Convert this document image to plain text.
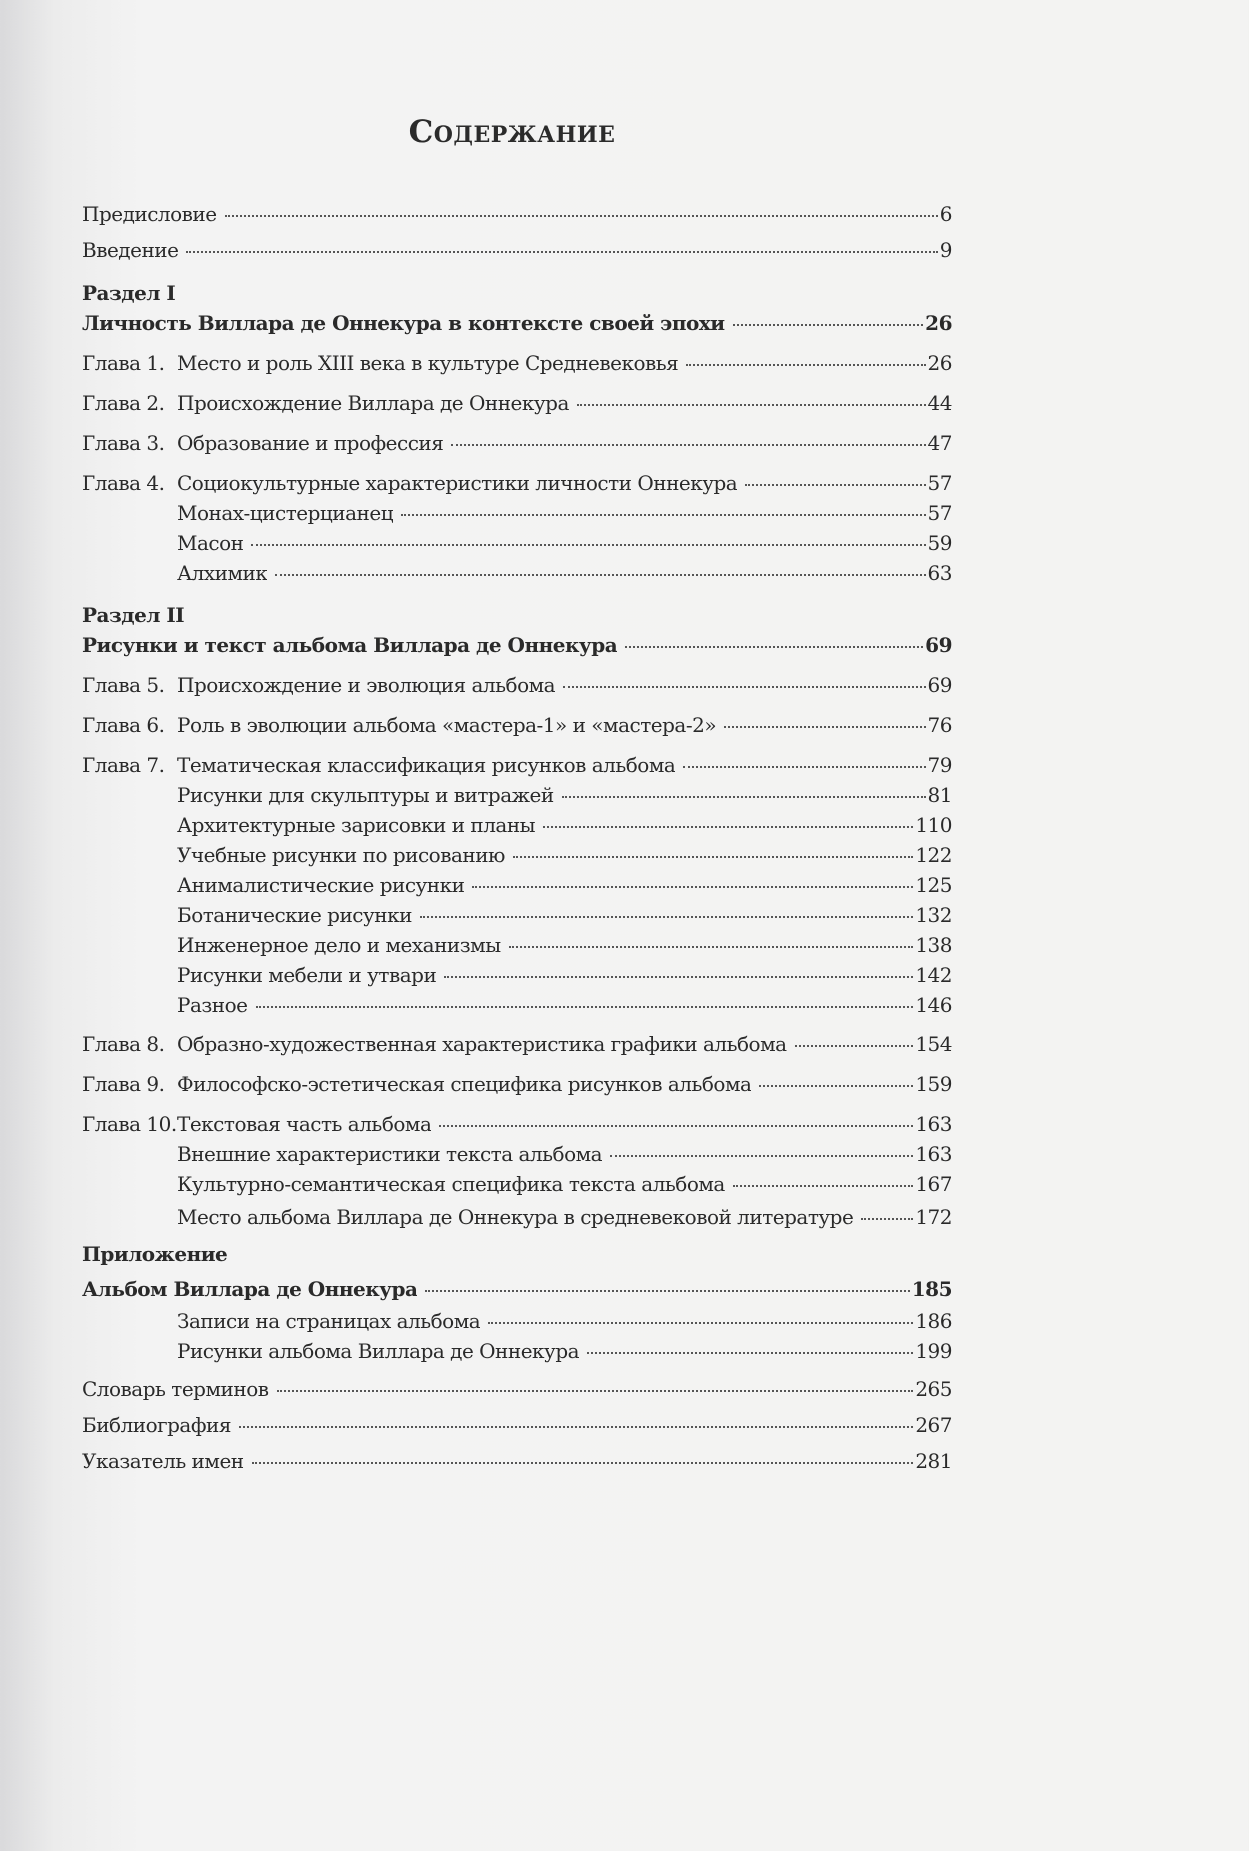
Содержание
Предисловие	6
Введение	9
Раздел I
Личность Виллара де Оннекура в контексте своей эпохи	26
Глава 1. Место и роль XIII века в культуре Средневековья	26
Глава 2. Происхождение Виллара де Оннекура	44
Глава 3. Образование и профессия	47
Глава 4. Социокультурные характеристики личности Оннекура	57
Монах-цистерцианец	57
Масон	59
Алхимик	63
Раздел II
Рисунки и текст альбома Виллара де Оннекура	69
Глава 5. Происхождение и эволюция альбома	69
Глава 6. Роль в эволюции альбома «мастера-1» и «мастера-2»	76
Глава 7. Тематическая классификация рисунков альбома	79
Рисунки для скульптуры и витражей	81
Архитектурные зарисовки и планы	110
Учебные рисунки по рисованию	122
Анималистические рисунки	125
Ботанические рисунки	132
Инженерное дело и механизмы	138
Рисунки мебели и утвари	142
Разное	146
Глава 8. Образно-художественная характеристика графики альбома	154
Глава 9. Философско-эстетическая специфика рисунков альбома	159
Глава 10. Текстовая часть альбома	163
Внешние характеристики текста альбома	163
Культурно-семантическая специфика текста альбома	167
Место альбома Виллара де Оннекура в средневековой литературе	172
Приложение
Альбом Виллара де Оннекура	185
Записи на страницах альбома	186
Рисунки альбома Виллара де Оннекура	199
Словарь терминов	265
Библиография	267
Указатель имен	281
